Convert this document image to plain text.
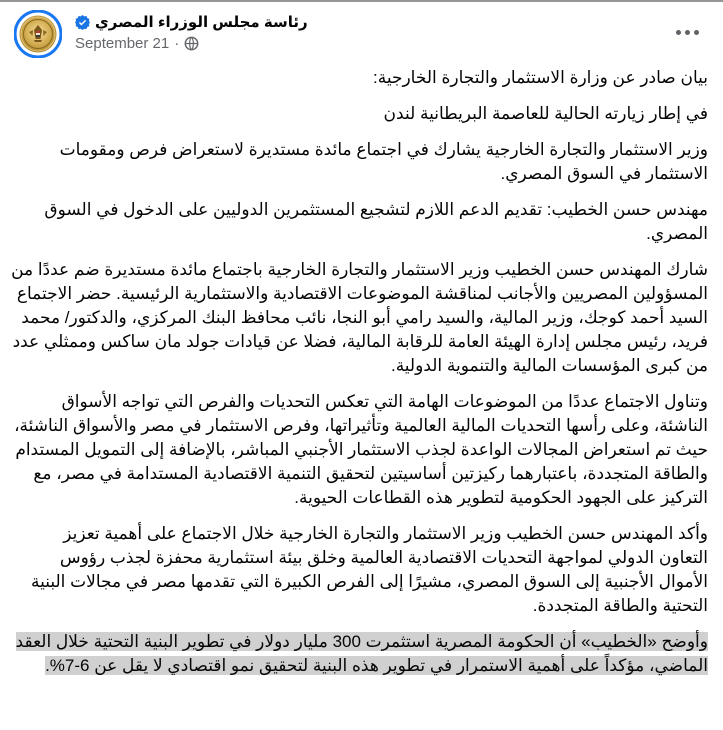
رئاسة مجلس الوزراء المصري
September 21 ·

بيان صادر عن وزارة الاستثمار والتجارة الخارجية:

في إطار زيارته الحالية للعاصمة البريطانية لندن

وزير الاستثمار والتجارة الخارجية يشارك في اجتماع مائدة مستديرة لاستعراض فرص ومقومات الاستثمار في السوق المصري.

مهندس حسن الخطيب: تقديم الدعم اللازم لتشجيع المستثمرين الدوليين على الدخول في السوق المصري.

شارك المهندس حسن الخطيب وزير الاستثمار والتجارة الخارجية باجتماع مائدة مستديرة ضم عددًا من المسؤولين المصريين والأجانب لمناقشة الموضوعات الاقتصادية والاستثمارية الرئيسية. حضر الاجتماع السيد أحمد كوجك، وزير المالية، والسيد رامي أبو النجا، نائب محافظ البنك المركزي، والدكتور/ محمد فريد، رئيس مجلس إدارة الهيئة العامة للرقابة المالية، فضلا عن قيادات جولد مان ساكس وممثلي عدد من كبرى المؤسسات المالية والتنموية الدولية.

وتناول الاجتماع عددًا من الموضوعات الهامة التي تعكس التحديات والفرص التي تواجه الأسواق الناشئة، وعلى رأسها التحديات المالية العالمية وتأثيراتها، وفرص الاستثمار في مصر والأسواق الناشئة، حيث تم استعراض المجالات الواعدة لجذب الاستثمار الأجنبي المباشر، بالإضافة إلى التمويل المستدام والطاقة المتجددة، باعتبارهما ركيزتين أساسيتين لتحقيق التنمية الاقتصادية المستدامة في مصر، مع التركيز على الجهود الحكومية لتطوير هذه القطاعات الحيوية.

وأكد المهندس حسن الخطيب وزير الاستثمار والتجارة الخارجية خلال الاجتماع على أهمية تعزيز التعاون الدولي لمواجهة التحديات الاقتصادية العالمية وخلق بيئة استثمارية محفزة لجذب رؤوس الأموال الأجنبية إلى السوق المصري، مشيرًا إلى الفرص الكبيرة التي تقدمها مصر في مجالات البنية التحتية والطاقة المتجددة.

وأوضح «الخطيب» أن الحكومة المصرية استثمرت 300 مليار دولار في تطوير البنية التحتية خلال العقد الماضي، مؤكداً على أهمية الاستمرار في تطوير هذه البنية لتحقيق نمو اقتصادي لا يقل عن 6-7%.
